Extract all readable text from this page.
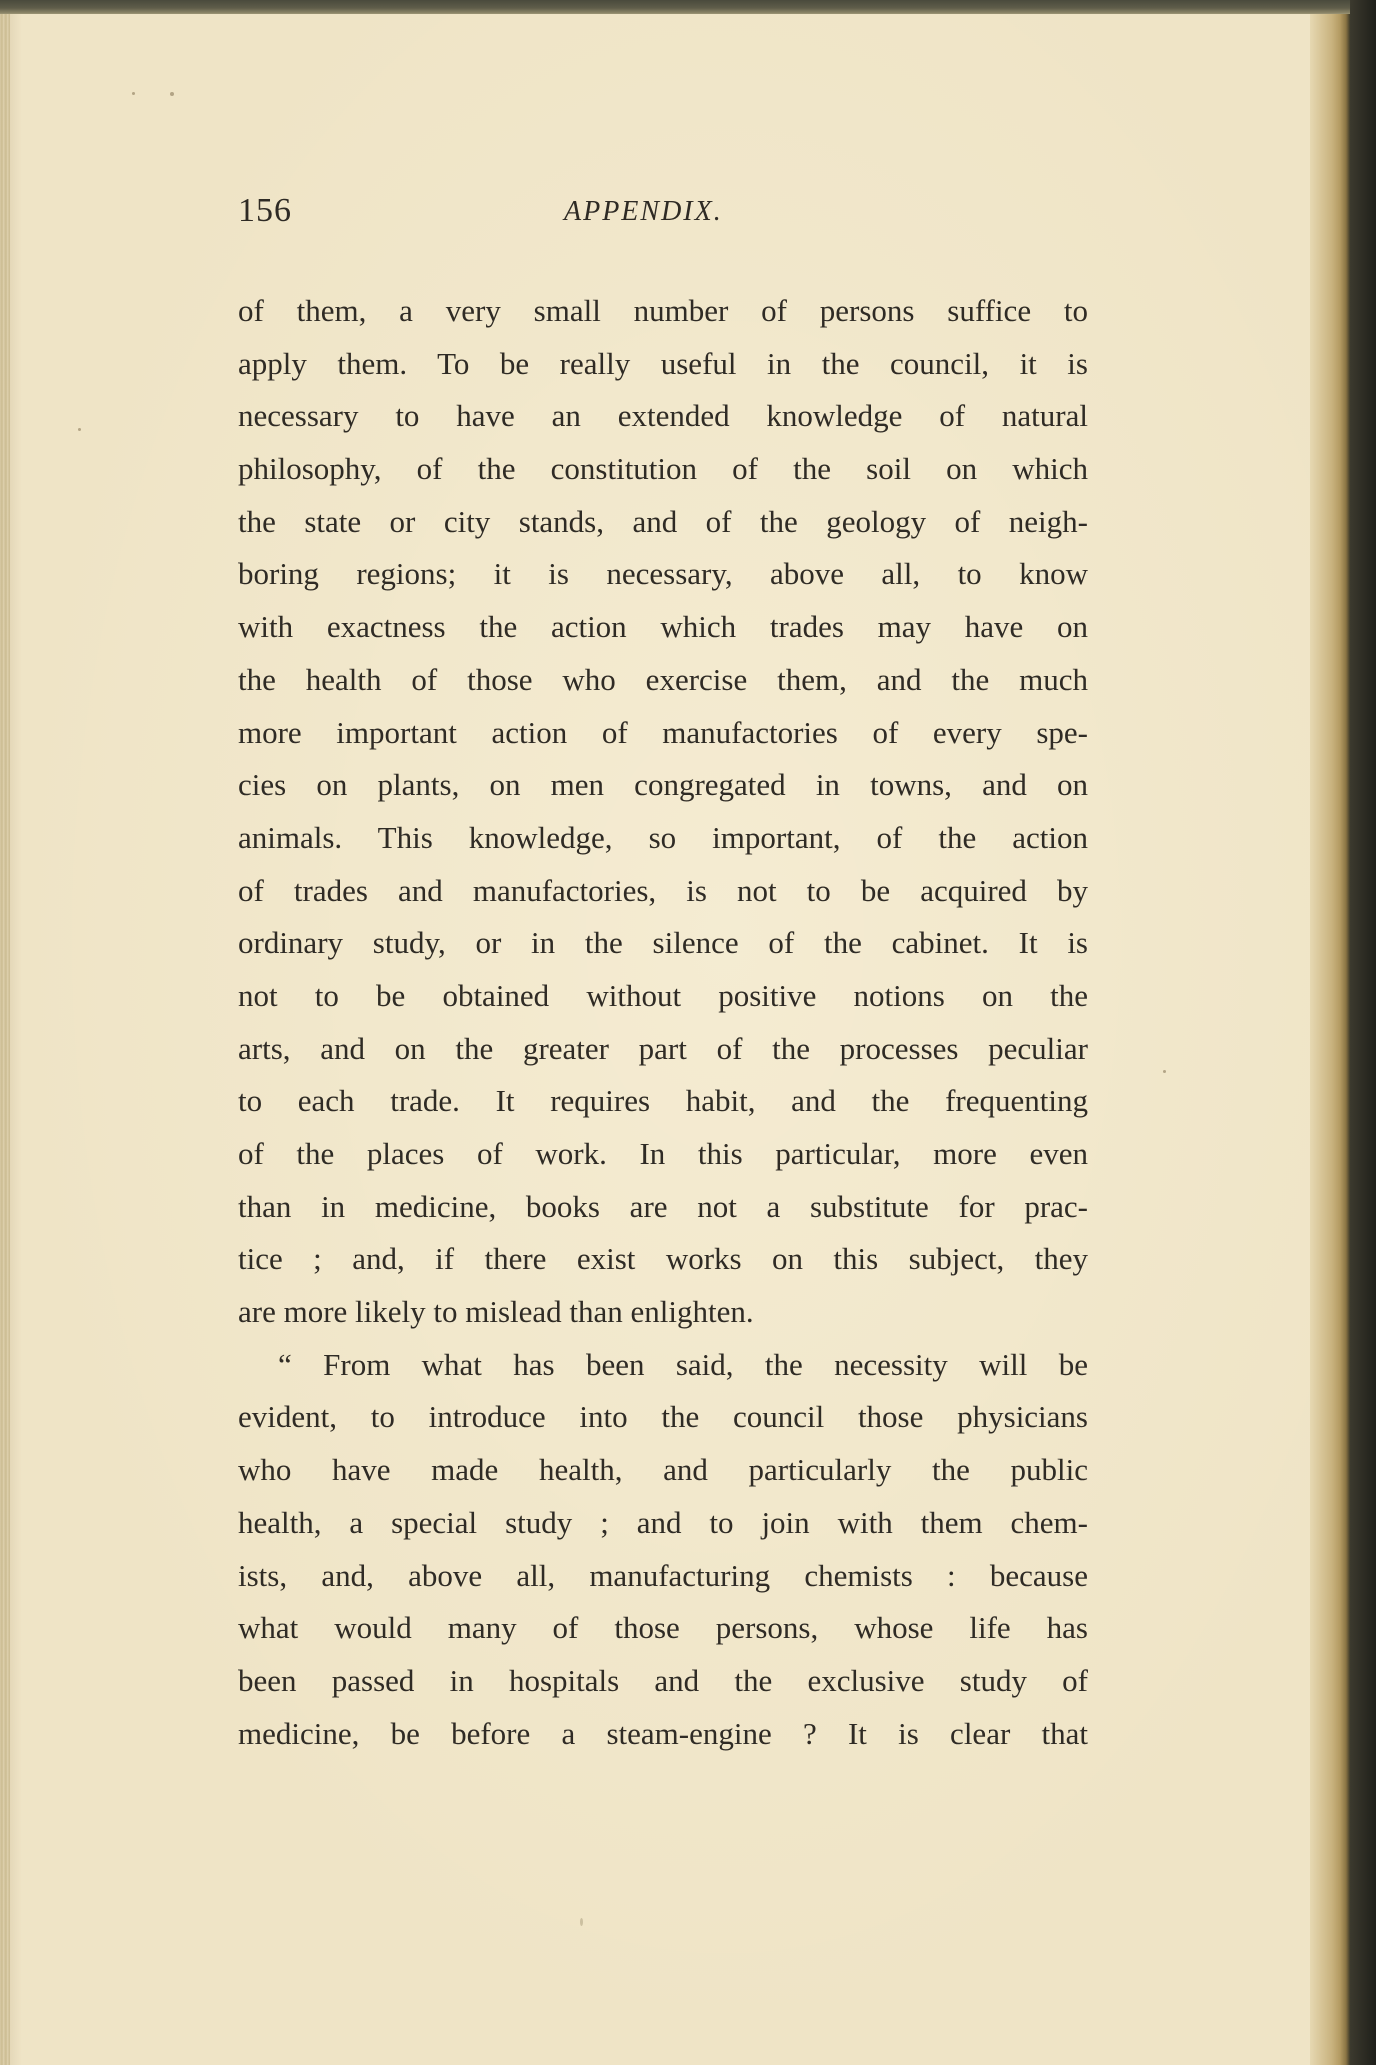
156	APPENDIX.
of them, a very small number of persons suffice to
apply them. To be really useful in the council, it is
necessary to have an extended knowledge of natural
philosophy, of the constitution of the soil on which
the state or city stands, and of the geology of neigh-
boring regions; it is necessary, above all, to know
with exactness the action which trades may have on
the health of those who exercise them, and the much
more important action of manufactories of every spe-
cies on plants, on men congregated in towns, and on
animals. This knowledge, so important, of the action
of trades and manufactories, is not to be acquired by
ordinary study, or in the silence of the cabinet. It is
not to be obtained without positive notions on the
arts, and on the greater part of the processes peculiar
to each trade. It requires habit, and the frequenting
of the places of work. In this particular, more even
than in medicine, books are not a substitute for prac-
tice ; and, if there exist works on this subject, they
are more likely to mislead than enlighten.
“ From what has been said, the necessity will be
evident, to introduce into the council those physicians
who have made health, and particularly the public
health, a special study ; and to join with them chem-
ists, and, above all, manufacturing chemists : because
what would many of those persons, whose life has
been passed in hospitals and the exclusive study of
medicine, be before a steam-engine ? It is clear that
